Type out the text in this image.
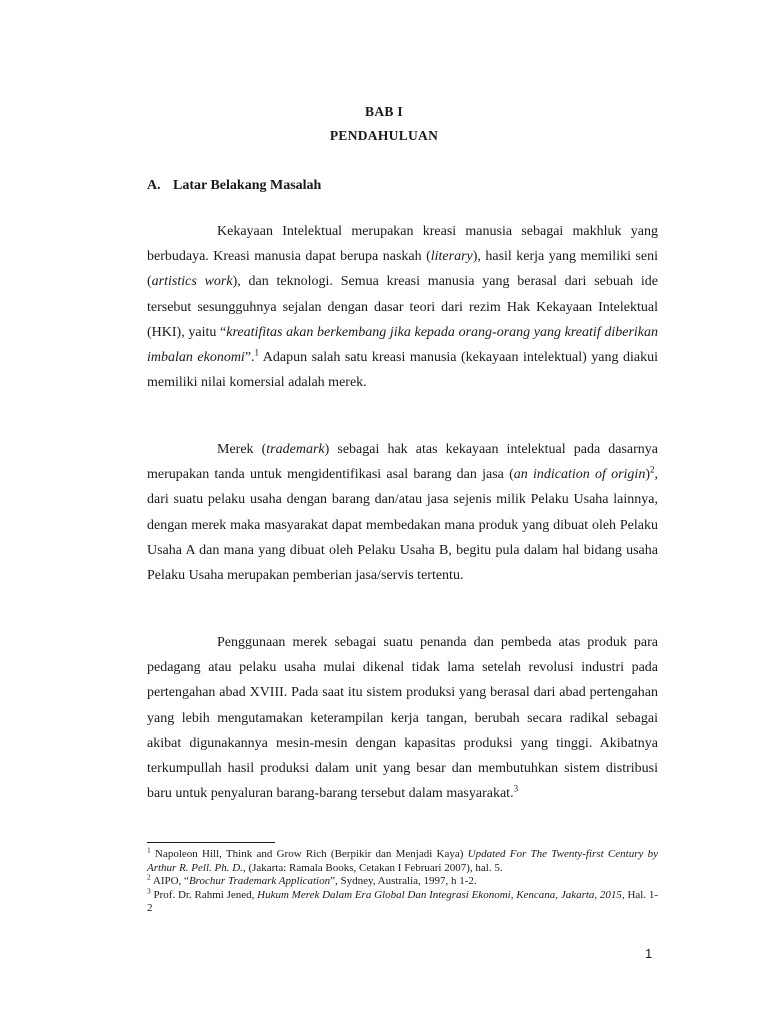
BAB I
PENDAHULUAN
A. Latar Belakang Masalah

Kekayaan Intelektual merupakan kreasi manusia sebagai makhluk yang berbudaya. Kreasi manusia dapat berupa naskah (literary), hasil kerja yang memiliki seni (artistics work), dan teknologi. Semua kreasi manusia yang berasal dari sebuah ide tersebut sesungguhnya sejalan dengan dasar teori dari rezim Hak Kekayaan Intelektual (HKI), yaitu “kreatifitas akan berkembang jika kepada orang-orang yang kreatif diberikan imbalan ekonomi”.$^1$ Adapun salah satu kreasi manusia (kekayaan intelektual) yang diakui memiliki nilai komersial adalah merek.

Merek (trademark) sebagai hak atas kekayaan intelektual pada dasarnya merupakan tanda untuk mengidentifikasi asal barang dan jasa (an indication of origin)$^2$, dari suatu pelaku usaha dengan barang dan/atau jasa sejenis milik Pelaku Usaha lainnya, dengan merek maka masyarakat dapat membedakan mana produk yang dibuat oleh Pelaku Usaha A dan mana yang dibuat oleh Pelaku Usaha B, begitu pula dalam hal bidang usaha Pelaku Usaha merupakan pemberian jasa/servis tertentu.

Penggunaan merek sebagai suatu penanda dan pembeda atas produk para pedagang atau pelaku usaha mulai dikenal tidak lama setelah revolusi industri pada pertengahan abad XVIII. Pada saat itu sistem produksi yang berasal dari abad pertengahan yang lebih mengutamakan keterampilan kerja tangan, berubah secara radikal sebagai akibat digunakannya mesin-mesin dengan kapasitas produksi yang tinggi. Akibatnya terkumpullah hasil produksi dalam unit yang besar dan membutuhkan sistem distribusi baru untuk penyaluran barang-barang tersebut dalam masyarakat.$^3$

$^1$ Napoleon Hill, Think and Grow Rich (Berpikir dan Menjadi Kaya) Updated For The Twenty-first Century by Arthur R. Pell. Ph. D., (Jakarta: Ramala Books, Cetakan I Februari 2007), hal. 5.

$^2$ AIPO, “Brochur Trademark Application”, Sydney, Australia, 1997, h 1-2.

$^3$ Prof. Dr. Rahmi Jened, Hukum Merek Dalam Era Global Dan Integrasi Ekonomi, Kencana, Jakarta, 2015, Hal. 1-2

1
